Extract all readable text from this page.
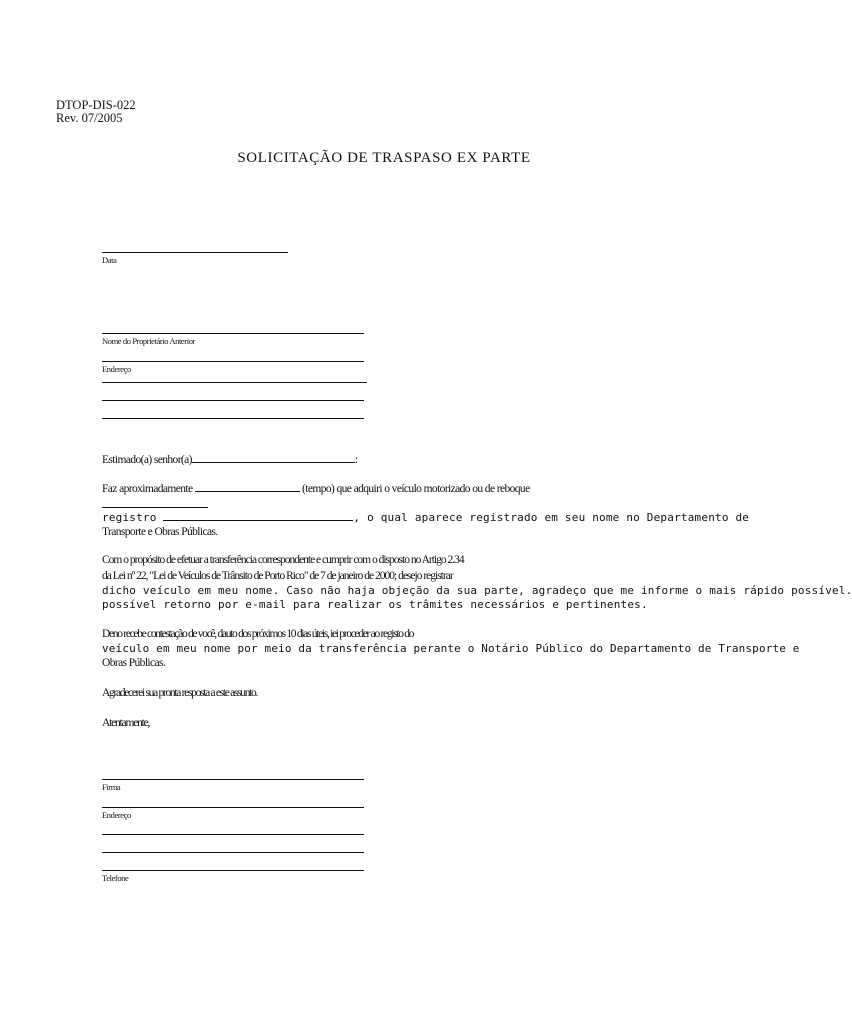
DTOP-DIS-022
Rev. 07/2005
SOLICITAÇÃO DE TRASPASO EX PARTE
Data
Nome do Proprietário Anterior
Endereço
Estimado(a) senhor(a)	:
Faz aproximadamente	(tempo) que adquiri o veículo motorizado ou de reboque
registro	, o qual aparece registrado em seu nome no Departamento de
Transporte e Obras Públicas.
Com o propósito de efetuar a transferência correspondente e cumprir com o disposto no Artigo 2.34
da Lei nº 22, "Lei de Veículos de Trânsito de Porto Rico" de 7 de janeiro de 2000; desejo registrar
dicho veículo em meu nome. Caso não haja objeção da sua parte, agradeço que me informe o mais rápido possível.
possível retorno por e-mail para realizar os trâmites necessários e pertinentes.
Deno recebe contestação de você, dauto dos próximos 10 dias úteis, iei proceder ao registo do
veículo em meu nome por meio da transferência perante o Notário Público do Departamento de Transporte e
Obras Públicas.
Agradecerei sua pronta resposta a este assunto.
Atentamente,
Firma
Endereço
Telefone
